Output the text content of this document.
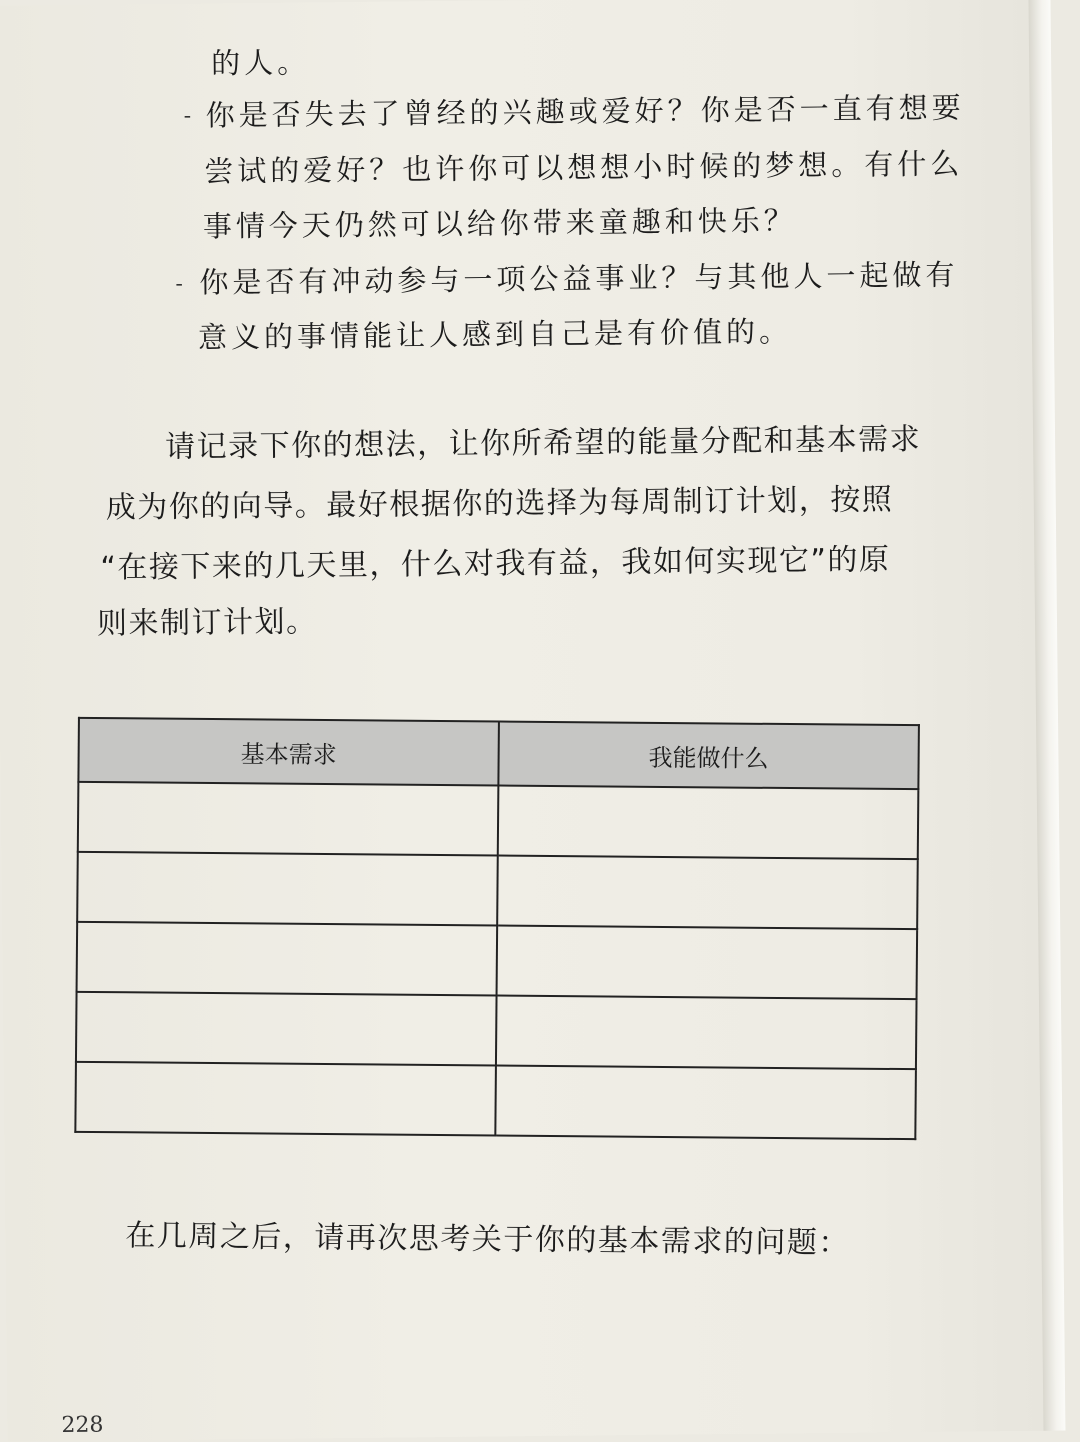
的人。

- 你是否失去了曾经的兴趣或爱好？你是否一直有想要

尝试的爱好？也许你可以想想小时候的梦想。有什么

事情今天仍然可以给你带来童趣和快乐？

- 你是否有冲动参与一项公益事业？与其他人一起做有

意义的事情能让人感到自己是有价值的。

请记录下你的想法，让你所希望的能量分配和基本需求

成为你的向导。最好根据你的选择为每周制订计划，按照

“在接下来的几天里，什么对我有益，我如何实现它”的原

则来制订计划。

基本需求	我能做什么

在几周之后，请再次思考关于你的基本需求的问题：

228
